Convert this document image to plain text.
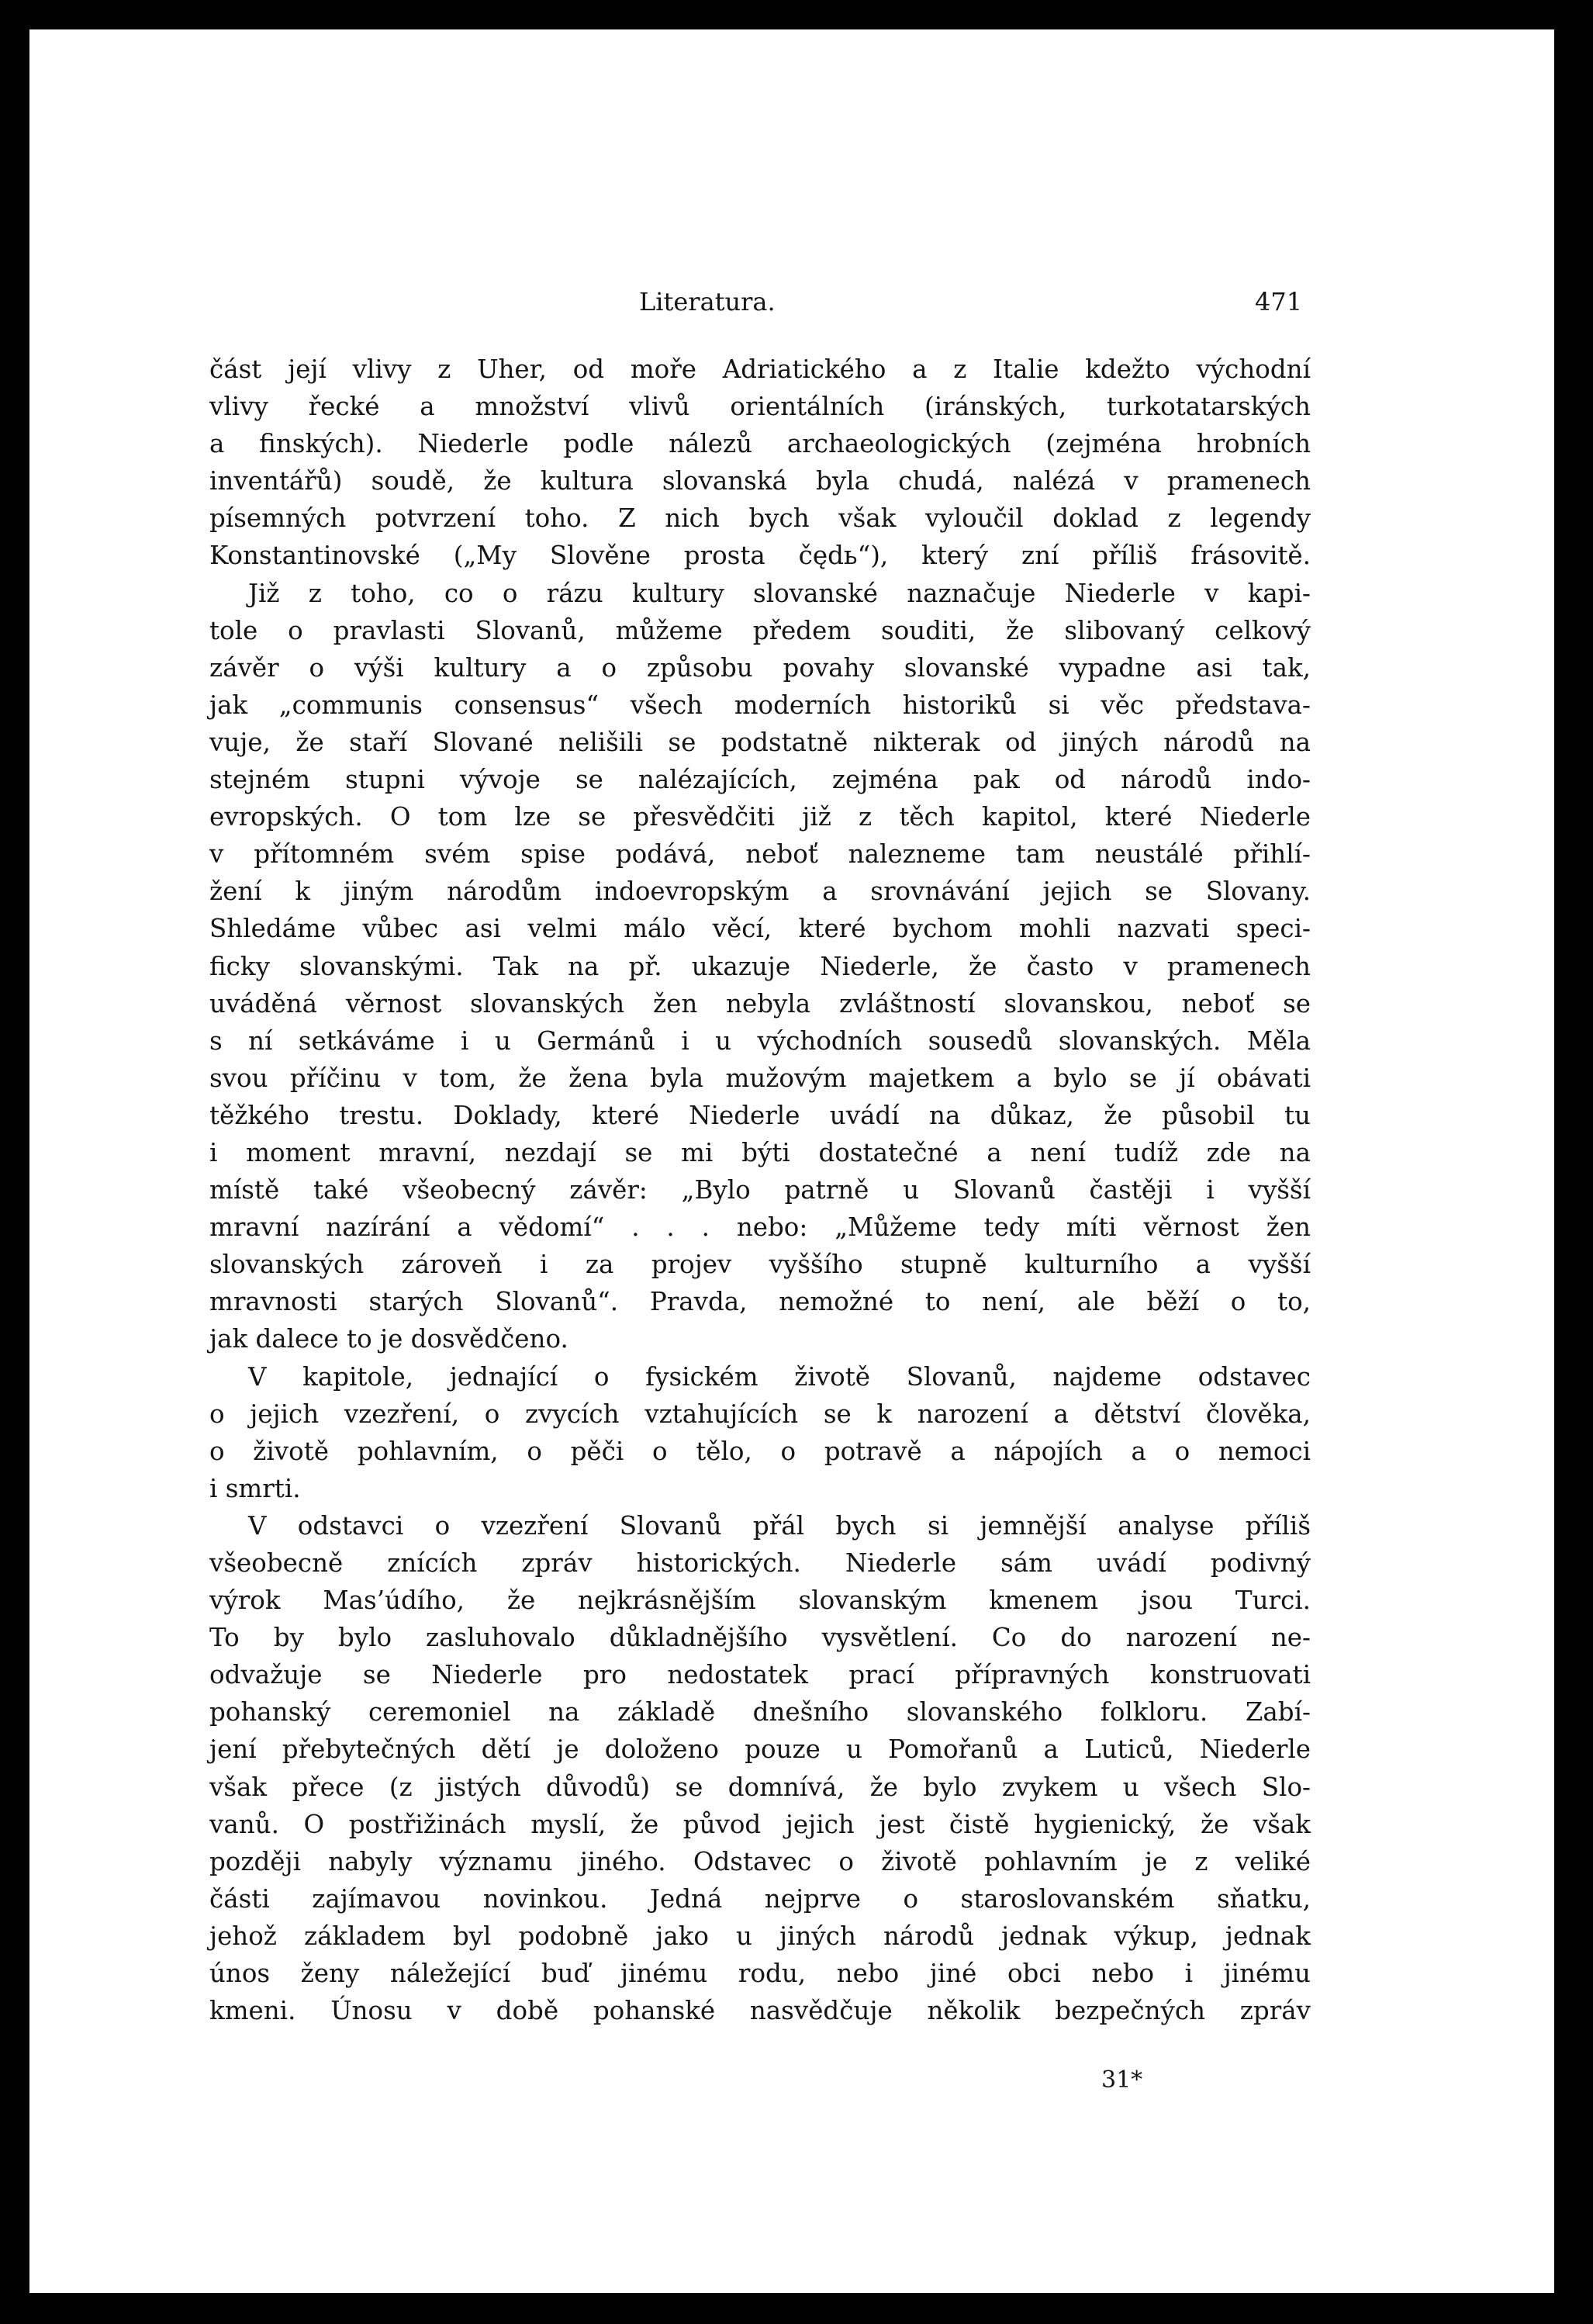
Literatura.	471

část její vlivy z Uher, od moře Adriatického a z Italie kdežto východní
vlivy řecké a množství vlivů orientálních (iránských, turkotatarských
a finských). Niederle podle nálezů archaeologických (zejména hrobních
inventářů) soudě, že kultura slovanská byla chudá, nalézá v pramenech
písemných potvrzení toho. Z nich bych však vyloučil doklad z legendy
Konstantinovské („My Slověne prosta čędь“), který zní příliš frásovitě.

Již z toho, co o rázu kultury slovanské naznačuje Niederle v kapi-
tole o pravlasti Slovanů, můžeme předem souditi, že slibovaný celkový
závěr o výši kultury a o způsobu povahy slovanské vypadne asi tak,
jak „communis consensus“ všech moderních historiků si věc představa-
vuje, že staří Slované nelišili se podstatně nikterak od jiných národů na
stejném stupni vývoje se nalézajících, zejména pak od národů indo-
evropských. O tom lze se přesvědčiti již z těch kapitol, které Niederle
v přítomném svém spise podává, neboť nalezneme tam neustálé přihlí-
žení k jiným národům indoevropským a srovnávání jejich se Slovany.
Shledáme vůbec asi velmi málo věcí, které bychom mohli nazvati speci-
ficky slovanskými. Tak na př. ukazuje Niederle, že často v pramenech
uváděná věrnost slovanských žen nebyla zvláštností slovanskou, neboť se
s ní setkáváme i u Germánů i u východních sousedů slovanských. Měla
svou příčinu v tom, že žena byla mužovým majetkem a bylo se jí obávati
těžkého trestu. Doklady, které Niederle uvádí na důkaz, že působil tu
i moment mravní, nezdají se mi býti dostatečné a není tudíž zde na
místě také všeobecný závěr: „Bylo patrně u Slovanů častěji i vyšší
mravní nazírání a vědomí“ . . . nebo: „Můžeme tedy míti věrnost žen
slovanských zároveň i za projev vyššího stupně kulturního a vyšší
mravnosti starých Slovanů“. Pravda, nemožné to není, ale běží o to,
jak dalece to je dosvědčeno.

V kapitole, jednající o fysickém životě Slovanů, najdeme odstavec
o jejich vzezření, o zvycích vztahujících se k narození a dětství člověka,
o životě pohlavním, o pěči o tělo, o potravě a nápojích a o nemoci
i smrti.

V odstavci o vzezření Slovanů přál bych si jemnější analyse příliš
všeobecně znících zpráv historických. Niederle sám uvádí podivný
výrok Mas’údího, že nejkrásnějším slovanským kmenem jsou Turci.
To by bylo zasluhovalo důkladnějšího vysvětlení. Co do narození ne-
odvažuje se Niederle pro nedostatek prací přípravných konstruovati
pohanský ceremoniel na základě dnešního slovanského folkloru. Zabí-
jení přebytečných dětí je doloženo pouze u Pomořanů a Luticů, Niederle
však přece (z jistých důvodů) se domnívá, že bylo zvykem u všech Slo-
vanů. O postřižinách myslí, že původ jejich jest čistě hygienický, že však
později nabyly významu jiného. Odstavec o životě pohlavním je z veliké
části zajímavou novinkou. Jedná nejprve o staroslovanském sňatku,
jehož základem byl podobně jako u jiných národů jednak výkup, jednak
únos ženy náležející buď jinému rodu, nebo jiné obci nebo i jinému
kmeni. Únosu v době pohanské nasvědčuje několik bezpečných zpráv

31*
